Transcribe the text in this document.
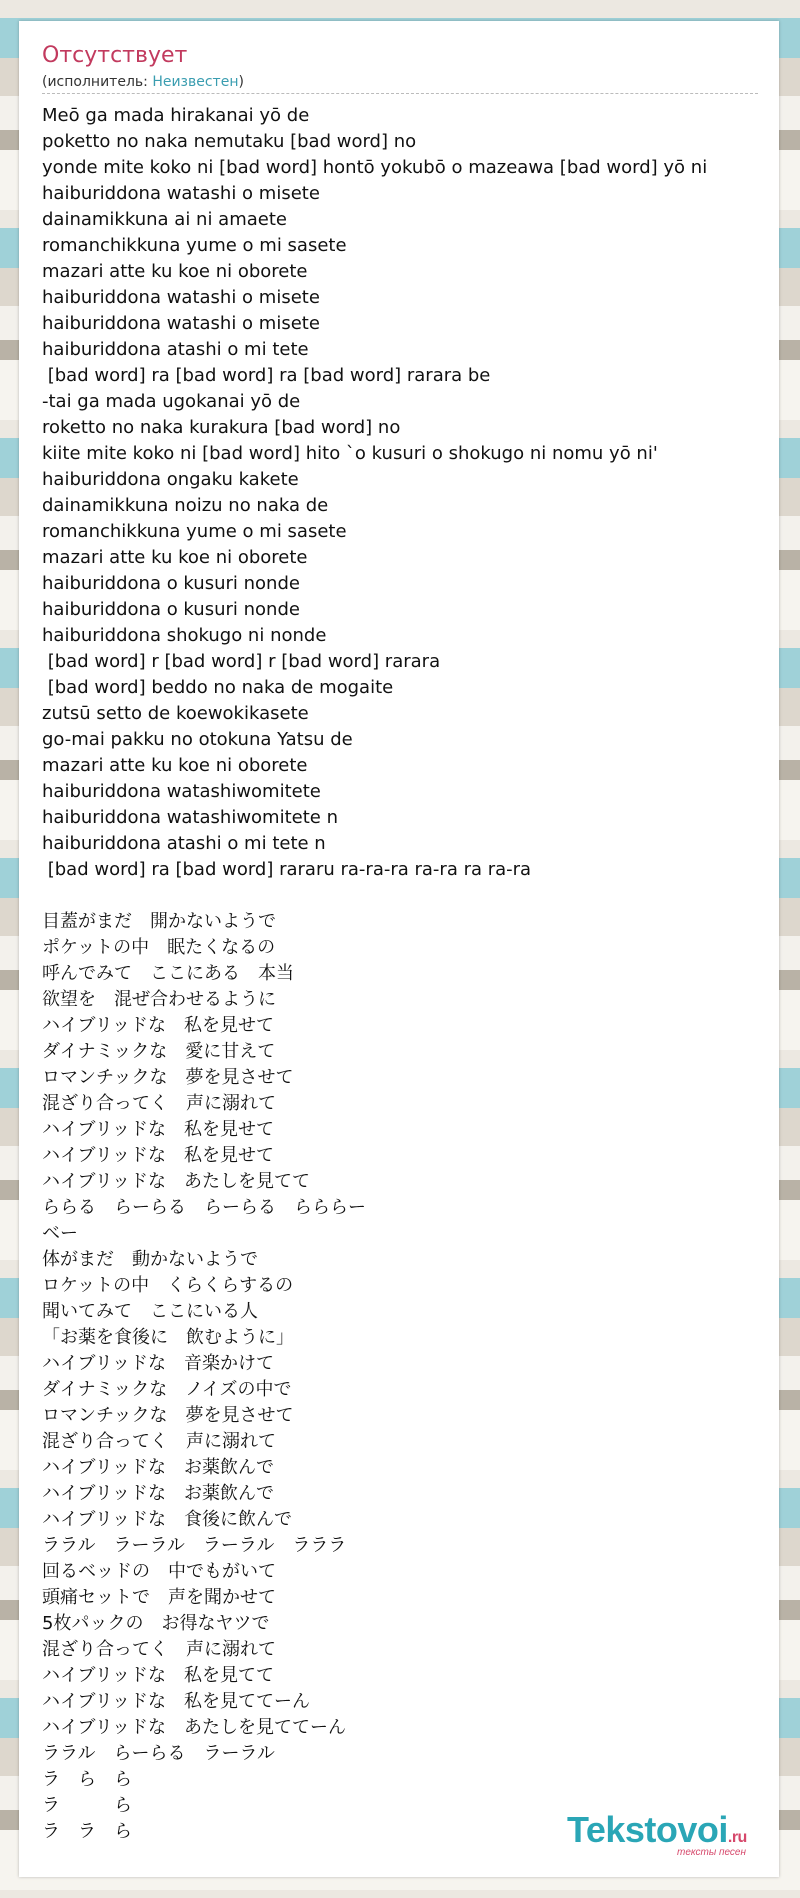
Отсутствует
(исполнитель: Неизвестен)
Meō ga mada hirakanai yō de
poketto no naka nemutaku [bad word] no
yonde mite koko ni [bad word] hontō yokubō o mazeawa [bad word] yō ni
haiburiddona watashi o misete
dainamikkuna ai ni amaete
romanchikkuna yume o mi sasete
mazari atte ku koe ni oborete
haiburiddona watashi o misete
haiburiddona watashi o misete
haiburiddona atashi o mi tete
[bad word] ra [bad word] ra [bad word] rarara be
-tai ga mada ugokanai yō de
roketto no naka kurakura [bad word] no
kiite mite koko ni [bad word] hito `o kusuri o shokugo ni nomu yō ni'
haiburiddona ongaku kakete
dainamikkuna noizu no naka de
romanchikkuna yume o mi sasete
mazari atte ku koe ni oborete
haiburiddona o kusuri nonde
haiburiddona o kusuri nonde
haiburiddona shokugo ni nonde
[bad word] r [bad word] r [bad word] rarara
[bad word] beddo no naka de mogaite
zutsū setto de koewokikasete
go-mai pakku no otokuna Yatsu de
mazari atte ku koe ni oborete
haiburiddona watashiwomitete
haiburiddona watashiwomitete n
haiburiddona atashi o mi tete n
[bad word] ra [bad word] rararu ra-ra-ra ra-ra ra ra-ra
目蓋がまだ　開かないようで
ポケットの中　眠たくなるの
呼んでみて　ここにある　本当
欲望を　混ぜ合わせるように
ハイブリッドな　私を見せて
ダイナミックな　愛に甘えて
ロマンチックな　夢を見させて
混ざり合ってく　声に溺れて
ハイブリッドな　私を見せて
ハイブリッドな　私を見せて
ハイブリッドな　あたしを見てて
ららる　らーらる　らーらる　らららー
ベー
体がまだ　動かないようで
ロケットの中　くらくらするの
聞いてみて　ここにいる人
「お薬を食後に　飲むように」
ハイブリッドな　音楽かけて
ダイナミックな　ノイズの中で
ロマンチックな　夢を見させて
混ざり合ってく　声に溺れて
ハイブリッドな　お薬飲んで
ハイブリッドな　お薬飲んで
ハイブリッドな　食後に飲んで
ララル　ラーラル　ラーラル　ラララ
回るベッドの　中でもがいて
頭痛セットで　声を聞かせて
5枚パックの　お得なヤツで
混ざり合ってく　声に溺れて
ハイブリッドな　私を見てて
ハイブリッドな　私を見ててーん
ハイブリッドな　あたしを見ててーん
ララル　らーらる　ラーラル
ラ　ら　ら
ラ　　　ら
ラ　ラ　ら	Tekstovoi.ru
тексты песен
